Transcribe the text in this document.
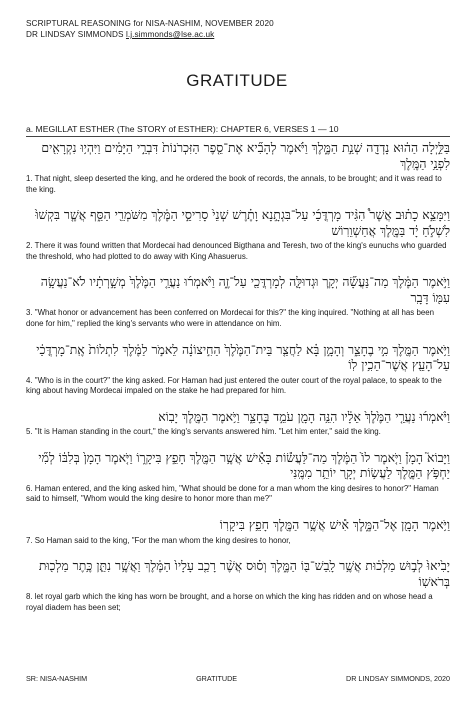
SCRIPTURAL REASONING for NISA-NASHIM, NOVEMBER 2020
DR LINDSAY SIMMONDS l.j.simmonds@lse.ac.uk
GRATITUDE
a. MEGILLAT ESTHER (The STORY of ESTHER): CHAPTER 6, VERSES 1 — 10
בַּלַּ֣יְלָה הַה֔וּא נָדְדָ֖ה שְׁנַ֣ת הַמֶּ֑לֶךְ וַיֹּ֗אמֶר לְהָבִ֞יא אֶת־סֵ֤פֶר הַזִּכְרֹנוֹת֙ דִּבְרֵ֣י הַיָּמִ֔ים וַיִּהְי֥וּ נִקְרָאִ֖ים לִפְנֵ֥י הַמֶּֽלֶךְ
1. That night, sleep deserted the king, and he ordered the book of records, the annals, to be brought; and it was read to the king.
וַיִּמָּצֵ֣א כָת֗וּב אֲשֶׁר֩ הִגִּ֨יד מָרְדֳּכַ֜י עַל־בִּגְתָ֣נָא וָתֶ֗רֶשׁ שְׁנֵי֙ סָרִיסֵ֣י הַמֶּ֔לֶךְ מִשֹּׁמְרֵ֖י הַסַּ֑ף אֲשֶׁ֤ר בִּקְשׁוּ֙ לִשְׁלֹ֣חַ יָ֔ד בַּמֶּ֖לֶךְ אֲחַשְׁוֵרֽוֹשׁ
2. There it was found written that Mordecai had denounced Bigthana and Teresh, two of the king's eunuchs who guarded the threshold, who had plotted to do away with King Ahasuerus.
וַיֹּ֣אמֶר הַמֶּ֔לֶךְ מַה־נַּעֲשָׂ֞ה יְקָ֧ר וּגְדוּלָּ֛ה לְמָרְדֳּכַ֖י עַל־זֶ֑ה וַיֹּ֨אמְר֜וּ נַעֲרֵ֤י הַמֶּ֙לֶךְ֙ מְשָׁ֣רְתָ֔יו לֹא־נַעֲשָׂ֥ה עִמּ֖וֹ דָּבָֽר
3. "What honor or advancement has been conferred on Mordecai for this?" the king inquired. "Nothing at all has been done for him," replied the king's servants who were in attendance on him.
וַיֹּ֥אמֶר הַמֶּ֖לֶךְ מִ֣י בֶחָצֵ֑ר וְהָמָ֣ן בָּ֗א לַחֲצַ֤ר בֵּית־הַמֶּ֙לֶךְ֙ הַחִ֣יצוֹנָ֔ה לֵאמֹ֣ר לַמֶּ֔לֶךְ לִתְלוֹת֙ אֶֽת־מָרְדֳּכַ֔י עַל־הָעֵ֖ץ אֲשֶׁר־הֵכִ֥ין לֽוֹ
4. "Who is in the court?" the king asked. For Haman had just entered the outer court of the royal palace, to speak to the king about having Mordecai impaled on the stake he had prepared for him.
וַיֹּ֨אמְר֜וּ נַעֲרֵ֤י הַמֶּ֙לֶךְ֙ אֵלָ֔יו הִנֵּ֥ה הָמָ֖ן עֹמֵ֣ד בֶּחָצֵ֑ר וַיֹּ֥אמֶר הַמֶּ֖לֶךְ יָבֽוֹא
5. "It is Haman standing in the court," the king's servants answered him. "Let him enter," said the king.
וַיָּבוֹא֮ הָמָן֒ וַיֹּ֤אמֶר לוֹ֙ הַמֶּ֔לֶךְ מַה־לַּעֲשׂ֕וֹת בָּאִ֕ישׁ אֲשֶׁ֥ר הַמֶּ֖לֶךְ חָפֵ֣ץ בִּיקָר֑וֹ וַיֹּ֤אמֶר הָמָן֙ בְּלִבּ֔וֹ לְמִ֞י יַחְפֹּ֥ץ הַמֶּ֛לֶךְ לַעֲשׂ֥וֹת יְקָ֖ר יוֹתֵ֥ר מִמֶּֽנִּי
6. Haman entered, and the king asked him, "What should be done for a man whom the king desires to honor?" Haman said to himself, "Whom would the king desire to honor more than me?"
וַיֹּ֥אמֶר הָמָ֖ן אֶל־הַמֶּ֑לֶךְ אִ֕ישׁ אֲשֶׁ֥ר הַמֶּ֖לֶךְ חָפֵ֥ץ בִּיקָרֽוֹ
7. So Haman said to the king, "For the man whom the king desires to honor,
יָבִ֙יאוּ֙ לְב֣וּשׁ מַלְכ֔וּת אֲשֶׁ֥ר לָֽבַשׁ־בּ֖וֹ הַמֶּ֑לֶךְ וְס֗וּס אֲשֶׁ֨ר רָכַ֤ב עָלָיו֙ הַמֶּ֔לֶךְ וַאֲשֶׁ֥ר נִתַּ֛ן כֶּ֥תֶר מַלְכ֖וּת בְּרֹאשֽׁוֹ
8. let royal garb which the king has worn be brought, and a horse on which the king has ridden and on whose head a royal diadem has been set;
SR: NISA-NASHIM	GRATITUDE	DR LINDSAY SIMMONDS, 2020
